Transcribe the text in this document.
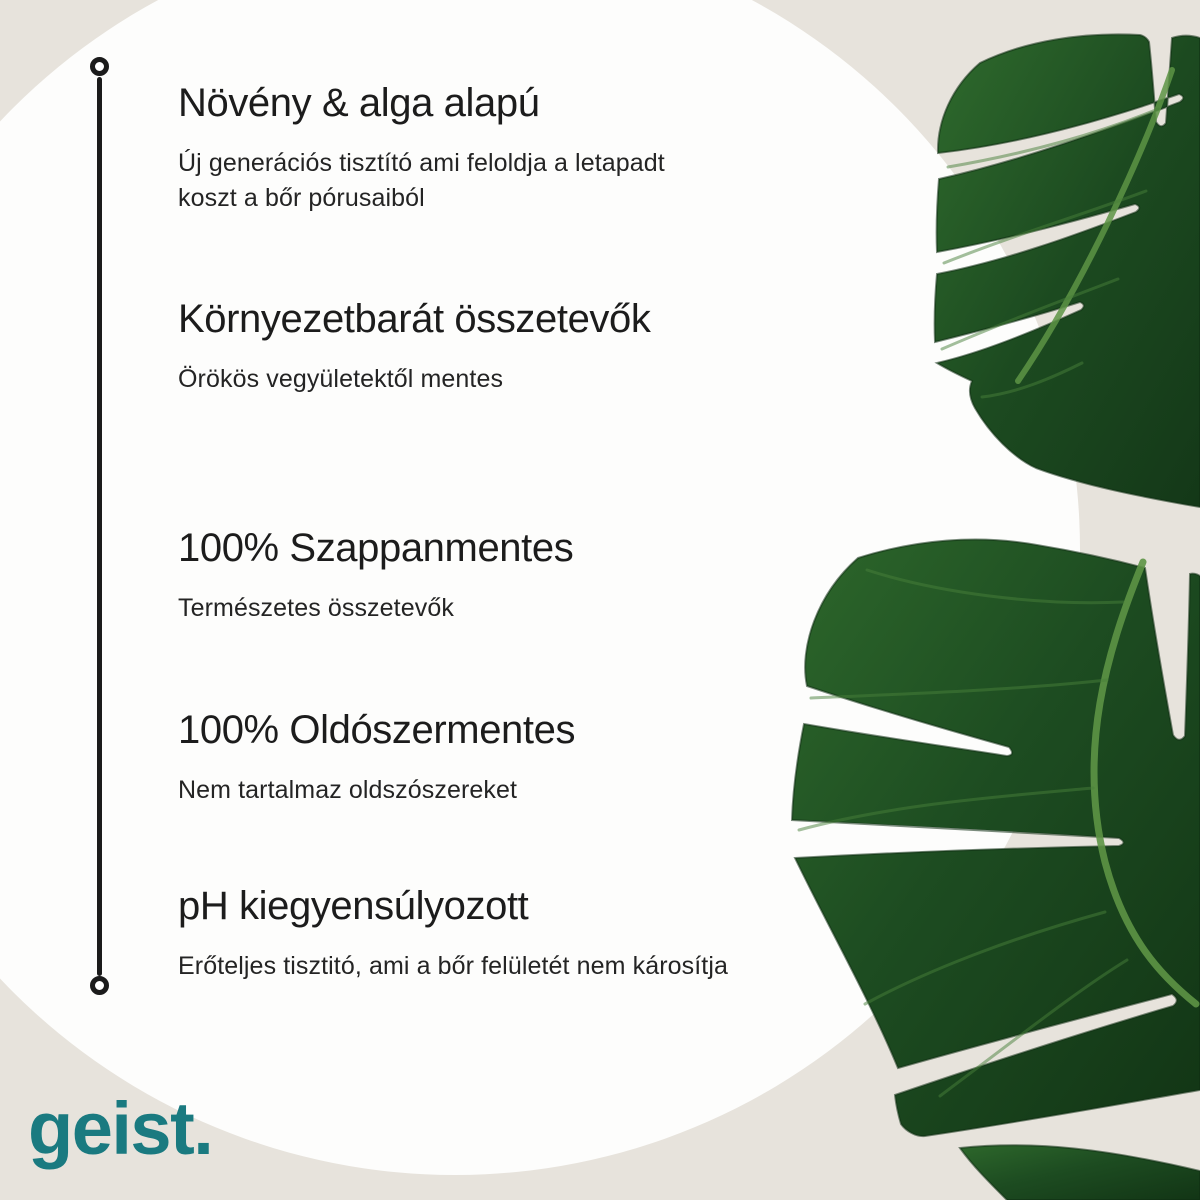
Növény & alga alapú
Új generációs tisztító ami feloldja a letapadt koszt a bőr pórusaiból
Környezetbarát összetevők
Örökös vegyületektől mentes
100% Szappanmentes
Természetes összetevők
100% Oldószermentes
Nem tartalmaz oldszószereket
pH kiegyensúlyozott
Erőteljes tisztitó, ami a bőr felületét nem károsítja
geist.
